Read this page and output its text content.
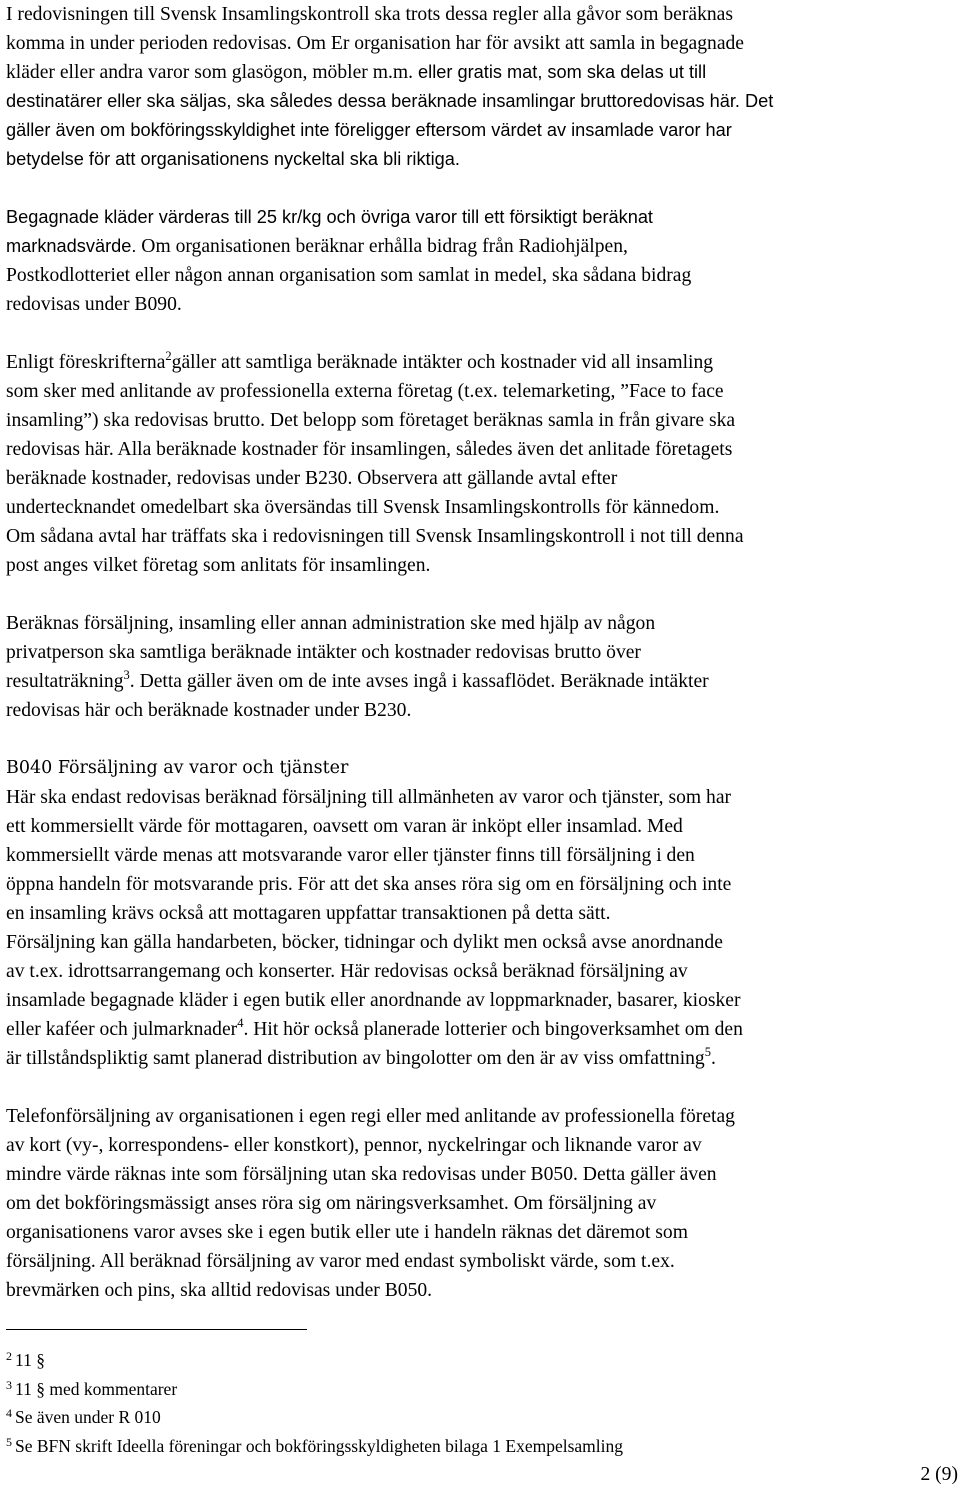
I redovisningen till Svensk Insamlingskontroll ska trots dessa regler alla gåvor som beräknas
komma in under perioden redovisas. Om Er organisation har för avsikt att samla in begagnade
kläder eller andra varor som glasögon, möbler m.m. eller gratis mat, som ska delas ut till
destinatärer eller ska säljas, ska således dessa beräknade insamlingar bruttoredovisas här. Det
gäller även om bokföringsskyldighet inte föreligger eftersom värdet av insamlade varor har
betydelse för att organisationens nyckeltal ska bli riktiga.
Begagnade kläder värderas till 25 kr/kg och övriga varor till ett försiktigt beräknat
marknadsvärde. Om organisationen beräknar erhålla bidrag från Radiohjälpen,
Postkodlotteriet eller någon annan organisation som samlat in medel, ska sådana bidrag
redovisas under B090.
Enligt föreskrifterna$^2$gäller att samtliga beräknade intäkter och kostnader vid all insamling
som sker med anlitande av professionella externa företag (t.ex. telemarketing, ”Face to face
insamling”) ska redovisas brutto. Det belopp som företaget beräknas samla in från givare ska
redovisas här. Alla beräknade kostnader för insamlingen, således även det anlitade företagets
beräknade kostnader, redovisas under B230. Observera att gällande avtal efter
undertecknandet omedelbart ska översändas till Svensk Insamlingskontrolls för kännedom.
Om sådana avtal har träffats ska i redovisningen till Svensk Insamlingskontroll i not till denna
post anges vilket företag som anlitats för insamlingen.
Beräknas försäljning, insamling eller annan administration ske med hjälp av någon
privatperson ska samtliga beräknade intäkter och kostnader redovisas brutto över
resultaträkning$^3$. Detta gäller även om de inte avses ingå i kassaflödet. Beräknade intäkter
redovisas här och beräknade kostnader under B230.
B040 Försäljning av varor och tjänster
Här ska endast redovisas beräknad försäljning till allmänheten av varor och tjänster, som har
ett kommersiellt värde för mottagaren, oavsett om varan är inköpt eller insamlad. Med
kommersiellt värde menas att motsvarande varor eller tjänster finns till försäljning i den
öppna handeln för motsvarande pris. För att det ska anses röra sig om en försäljning och inte
en insamling krävs också att mottagaren uppfattar transaktionen på detta sätt.
Försäljning kan gälla handarbeten, böcker, tidningar och dylikt men också avse anordnande
av t.ex. idrottsarrangemang och konserter. Här redovisas också beräknad försäljning av
insamlade begagnade kläder i egen butik eller anordnande av loppmarknader, basarer, kiosker
eller kaféer och julmarknader$^4$. Hit hör också planerade lotterier och bingoverksamhet om den
är tillståndspliktig samt planerad distribution av bingolotter om den är av viss omfattning$^5$.
Telefonförsäljning av organisationen i egen regi eller med anlitande av professionella företag
av kort (vy-, korrespondens- eller konstkort), pennor, nyckelringar och liknande varor av
mindre värde räknas inte som försäljning utan ska redovisas under B050. Detta gäller även
om det bokföringsmässigt anses röra sig om näringsverksamhet. Om försäljning av
organisationens varor avses ske i egen butik eller ute i handeln räknas det däremot som
försäljning. All beräknad försäljning av varor med endast symboliskt värde, som t.ex.
brevmärken och pins, ska alltid redovisas under B050.
$^2$ 11 §
$^3$ 11 § med kommentarer
$^4$ Se även under R 010
$^5$ Se BFN skrift Ideella föreningar och bokföringsskyldigheten bilaga 1 Exempelsamling
2 (9)
